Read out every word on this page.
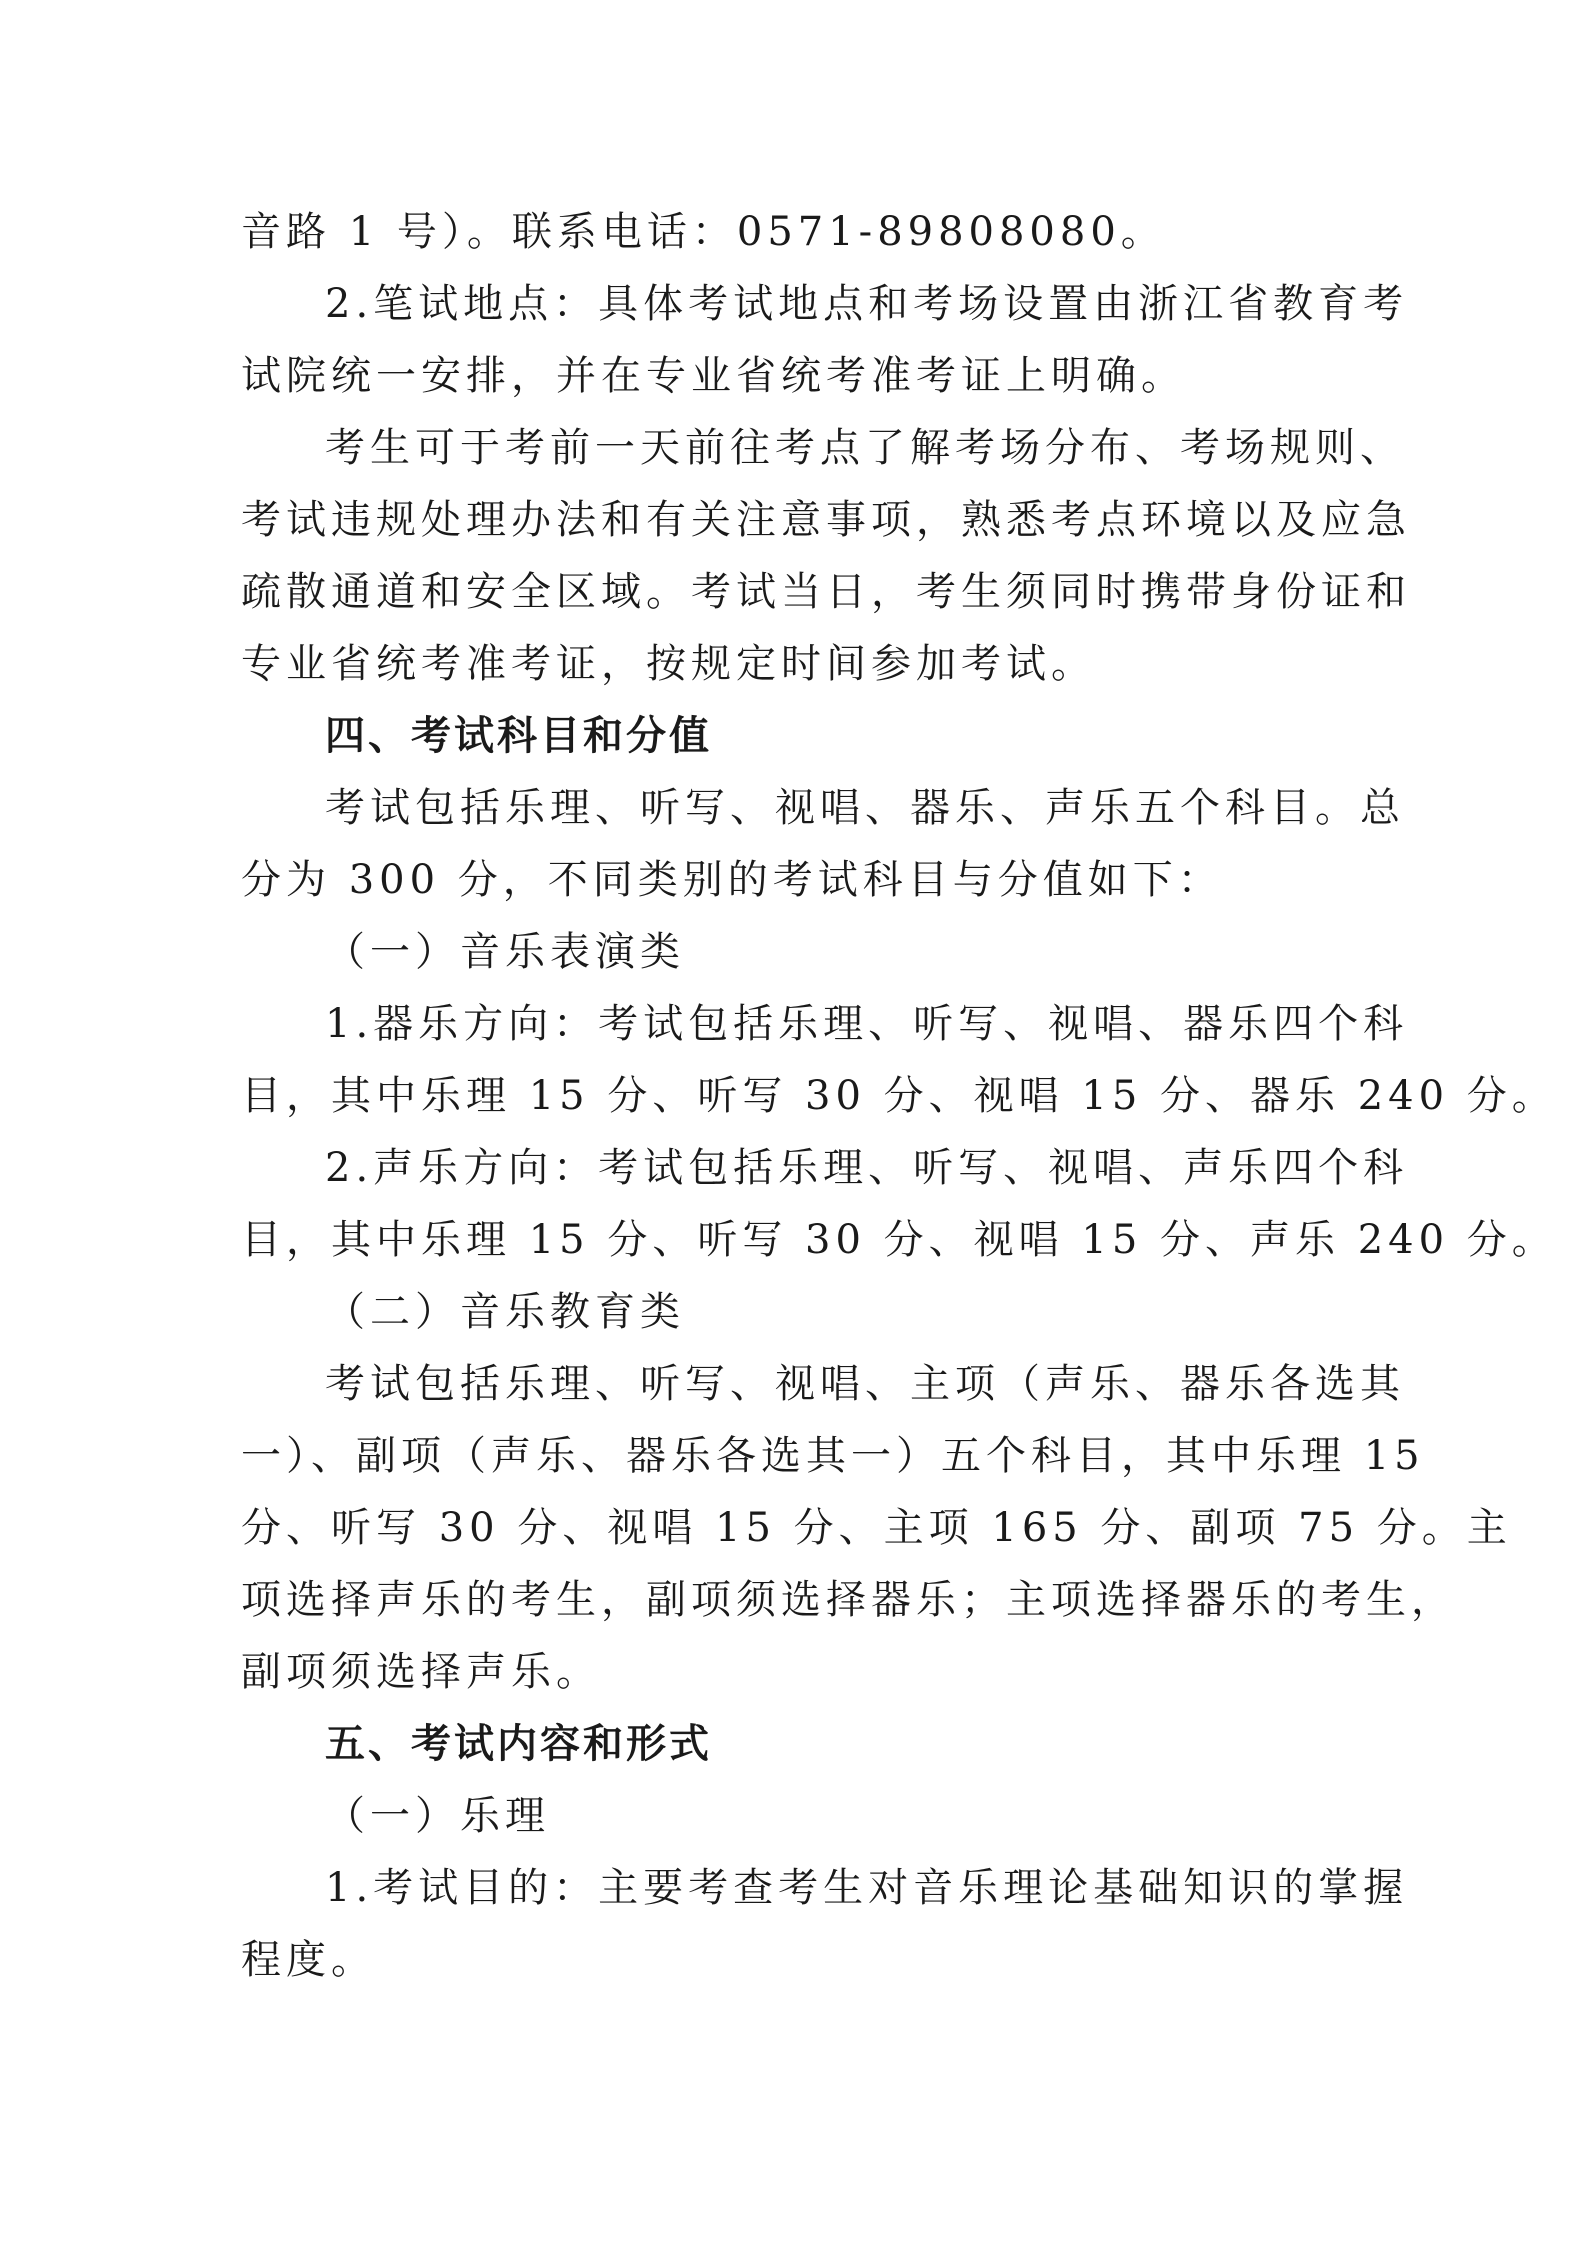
音路 1 号）。联系电话：0571-89808080。
2.笔试地点：具体考试地点和考场设置由浙江省教育考
试院统一安排，并在专业省统考准考证上明确。
考生可于考前一天前往考点了解考场分布、考场规则、
考试违规处理办法和有关注意事项，熟悉考点环境以及应急
疏散通道和安全区域。考试当日，考生须同时携带身份证和
专业省统考准考证，按规定时间参加考试。
四、考试科目和分值
考试包括乐理、听写、视唱、器乐、声乐五个科目。总
分为 300 分，不同类别的考试科目与分值如下：
（一）音乐表演类
1.器乐方向：考试包括乐理、听写、视唱、器乐四个科
目，其中乐理 15 分、听写 30 分、视唱 15 分、器乐 240 分。
2.声乐方向：考试包括乐理、听写、视唱、声乐四个科
目，其中乐理 15 分、听写 30 分、视唱 15 分、声乐 240 分。
（二）音乐教育类
考试包括乐理、听写、视唱、主项（声乐、器乐各选其
一）、副项（声乐、器乐各选其一）五个科目，其中乐理 15
分、听写 30 分、视唱 15 分、主项 165 分、副项 75 分。主
项选择声乐的考生，副项须选择器乐；主项选择器乐的考生，
副项须选择声乐。
五、考试内容和形式
（一）乐理
1.考试目的：主要考查考生对音乐理论基础知识的掌握
程度。
